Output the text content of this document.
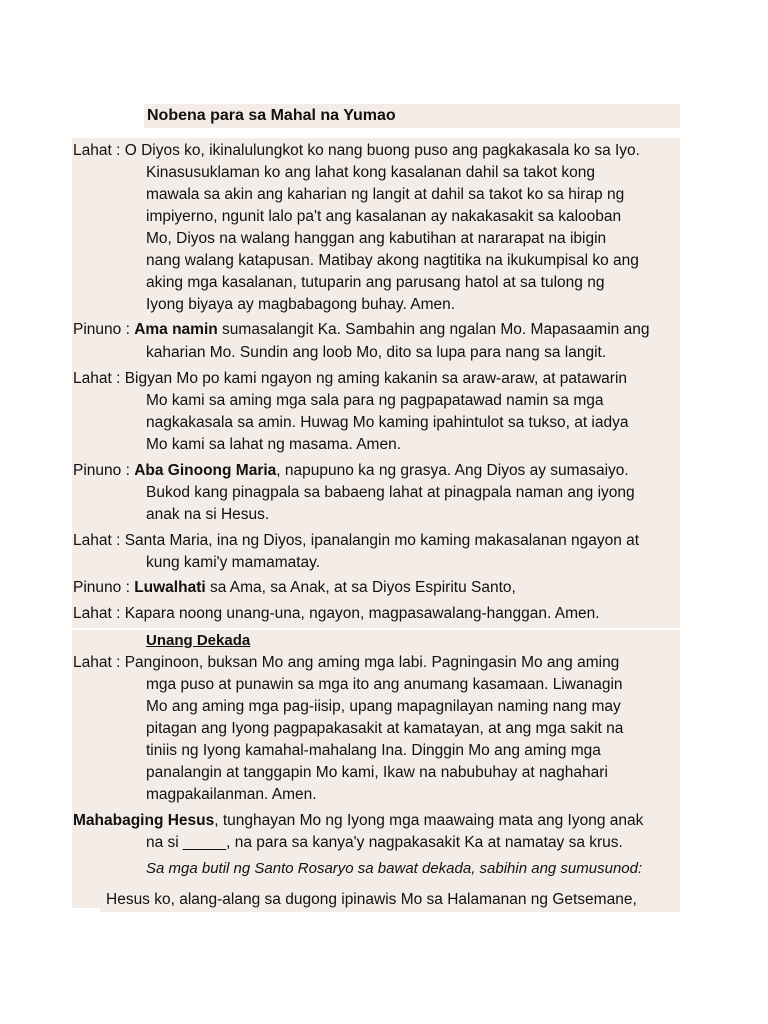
Nobena para sa Mahal na Yumao
Lahat : O Diyos ko, ikinalulungkot ko nang buong puso ang pagkakasala ko sa Iyo.
Kinasusuklaman ko ang lahat kong kasalanan dahil sa takot kong
mawala sa akin ang kaharian ng langit at dahil sa takot ko sa hirap ng
impiyerno, ngunit lalo pa't ang kasalanan ay nakakasakit sa kalooban
Mo, Diyos na walang hanggan ang kabutihan at nararapat na ibigin
nang walang katapusan. Matibay akong nagtitika na ikukumpisal ko ang
aking mga kasalanan, tutuparin ang parusang hatol at sa tulong ng
Iyong biyaya ay magbabagong buhay. Amen.
Pinuno : Ama namin sumasalangit Ka. Sambahin ang ngalan Mo. Mapasaamin ang
kaharian Mo. Sundin ang loob Mo, dito sa lupa para nang sa langit.
Lahat : Bigyan Mo po kami ngayon ng aming kakanin sa araw-araw, at patawarin
Mo kami sa aming mga sala para ng pagpapatawad namin sa mga
nagkakasala sa amin. Huwag Mo kaming ipahintulot sa tukso, at iadya
Mo kami sa lahat ng masama. Amen.
Pinuno : Aba Ginoong Maria, napupuno ka ng grasya. Ang Diyos ay sumasaiyo.
Bukod kang pinagpala sa babaeng lahat at pinagpala naman ang iyong
anak na si Hesus.
Lahat : Santa Maria, ina ng Diyos, ipanalangin mo kaming makasalanan ngayon at
kung kami'y mamamatay.
Pinuno : Luwalhati sa Ama, sa Anak, at sa Diyos Espiritu Santo,
Lahat : Kapara noong unang-una, ngayon, magpasawalang-hanggan. Amen.
Unang Dekada
Lahat : Panginoon, buksan Mo ang aming mga labi. Pagningasin Mo ang aming
mga puso at punawin sa mga ito ang anumang kasamaan. Liwanagin
Mo ang aming mga pag-iisip, upang mapagnilayan naming nang may
pitagan ang Iyong pagpapakasakit at kamatayan, at ang mga sakit na
tiniis ng Iyong kamahal-mahalang Ina. Dinggin Mo ang aming mga
panalangin at tanggapin Mo kami, Ikaw na nabubuhay at naghahari
magpakailanman. Amen.
Mahabaging Hesus, tunghayan Mo ng Iyong mga maawaing mata ang Iyong anak
na si _____, na para sa kanya'y nagpakasakit Ka at namatay sa krus.
Sa mga butil ng Santo Rosaryo sa bawat dekada, sabihin ang sumusunod:
Hesus ko, alang-alang sa dugong ipinawis Mo sa Halamanan ng Getsemane,
